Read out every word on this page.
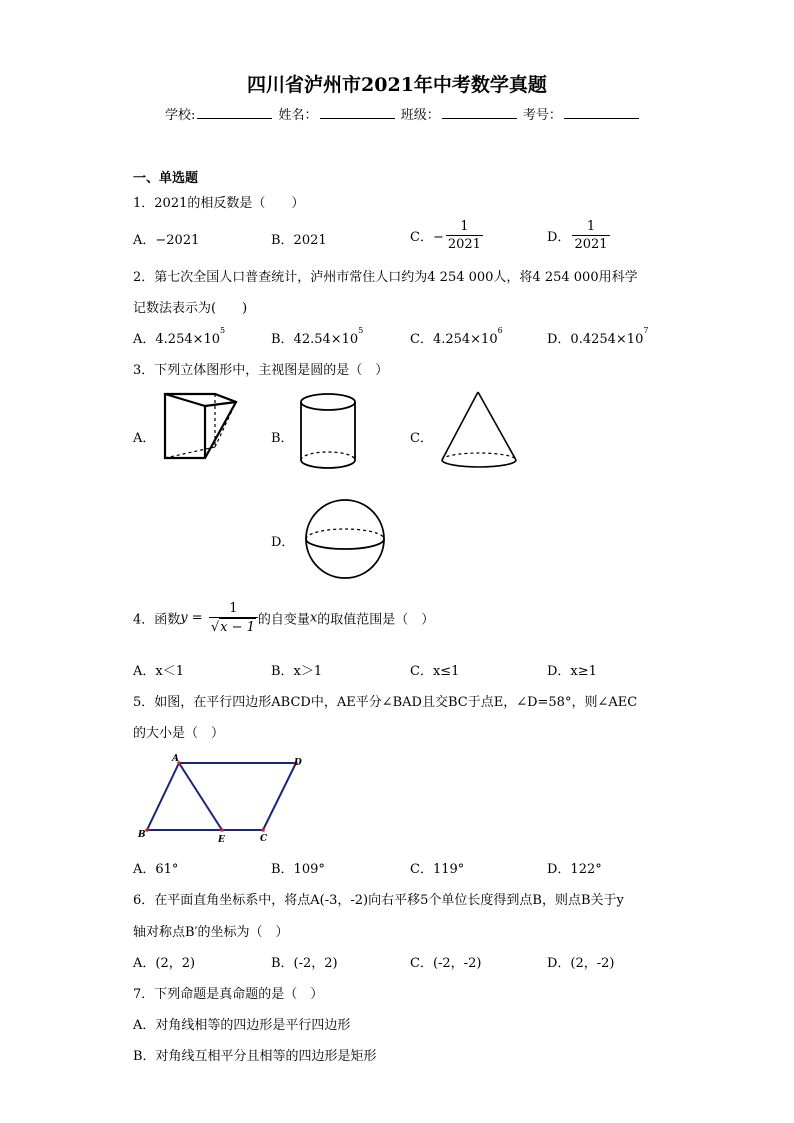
四川省泸州市2021年中考数学真题
学校:	姓名：	班级：	考号：
一、单选题
1．2021的相反数是（　　）
A．−2021	B．2021	C．− $\frac{1}{2021}$	D． $\frac{1}{2021}$
2．第七次全国人口普查统计，泸州市常住人口约为4 254 000人，将4 254 000用科学
记数法表示为(　　)
A．$4.254\times 10^5$
B．$42.54\times 10^5$
C．$4.254\times 10^6$
D．$0.4254\times 10^7$
3．下列立体图形中，主视图是圆的是（　）
A．	B．	C．
D．
4．函数$y = \frac{1}{√x - 1}$ 的自变量x的取值范围是（　）
A．x＜1	B．x＞1	C．x≤1	D．x≥1
5．如图，在平行四边形ABCD中，AE平分∠BAD且交BC于点E，∠D=58°，则∠AEC
的大小是（　）
A	D
B	E	C
A．61°	B．109°	C．119°	D．122°
6．在平面直角坐标系中，将点A(-3，-2)向右平移5个单位长度得到点B，则点B关于y
轴对称点B′的坐标为（　）
A．(2，2)	B．(-2，2)	C．(-2，-2)	D．(2，-2)
7．下列命题是真命题的是（　）
A．对角线相等的四边形是平行四边形
B．对角线互相平分且相等的四边形是矩形
